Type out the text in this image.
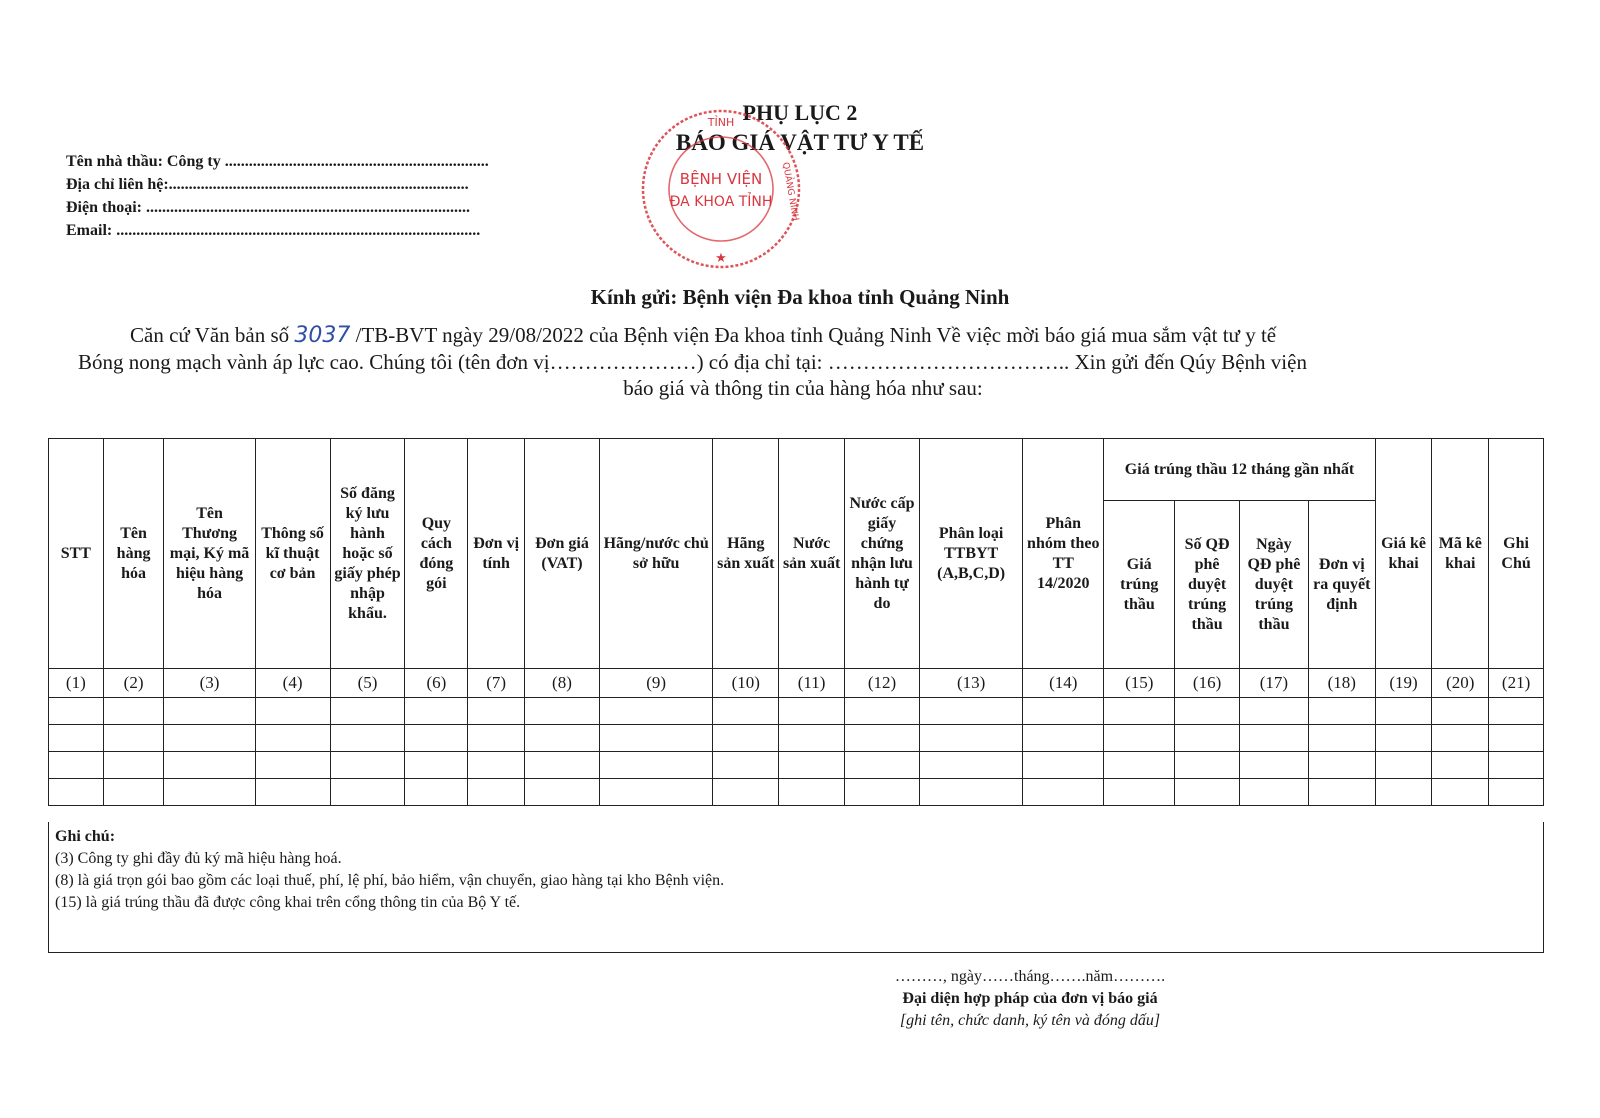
PHỤ LỤC 2
BÁO GIÁ VẬT TƯ Y TẾ
Tên nhà thầu: Công ty ..................................................................
Địa chỉ liên hệ:...........................................................................
Điện thoại: .................................................................................
Email: ...........................................................................................
TỈNH
BỆNH VIỆN
ĐA KHOA TỈNH QUẢNG NINH
★
Kính gửi: Bệnh viện Đa khoa tỉnh Quảng Ninh
Căn cứ Văn bản số 3037 /TB-BVT ngày 29/08/2022 của Bệnh viện Đa khoa tỉnh Quảng Ninh Về việc mời báo giá mua sắm vật tư y tế
Bóng nong mạch vành áp lực cao. Chúng tôi (tên đơn vị…………………) có địa chỉ tại: …………………………….. Xin gửi đến Qúy Bệnh viện
báo giá và thông tin của hàng hóa như sau:
STT	Tên hàng hóa	Tên Thương mại, Ký mã hiệu hàng hóa	Thông số kĩ thuật cơ bản	Số đăng ký lưu hành hoặc số giấy phép nhập khẩu.	Quy cách đóng gói	Đơn vị tính	Đơn giá (VAT)	Hãng/nước chủ sở hữu	Hãng sản xuất	Nước sản xuất	Nước cấp giấy chứng nhận lưu hành tự do	Phân loại TTBYT (A,B,C,D)	Phân nhóm theo TT 14/2020	Giá trúng thầu 12 tháng gần nhất				Giá kê khai	Mã kê khai	Ghi Chú
														Giá trúng thầu	Số QĐ phê duyệt trúng thầu	Ngày QĐ phê duyệt trúng thầu	Đơn vị ra quyết định			
(1)	(2)	(3)	(4)	(5)	(6)	(7)	(8)	(9)	(10)	(11)	(12)	(13)	(14)	(15)	(16)	(17)	(18)	(19)	(20)	(21)

Ghi chú:
(3) Công ty ghi đầy đủ ký mã hiệu hàng hoá.
(8) là giá trọn gói bao gồm các loại thuế, phí, lệ phí, bảo hiểm, vận chuyển, giao hàng tại kho Bệnh viện.
(15) là giá trúng thầu đã được công khai trên cổng thông tin của Bộ Y tế.
………, ngày……tháng…….năm……….
Đại diện hợp pháp của đơn vị báo giá
[ghi tên, chức danh, ký tên và đóng dấu]
